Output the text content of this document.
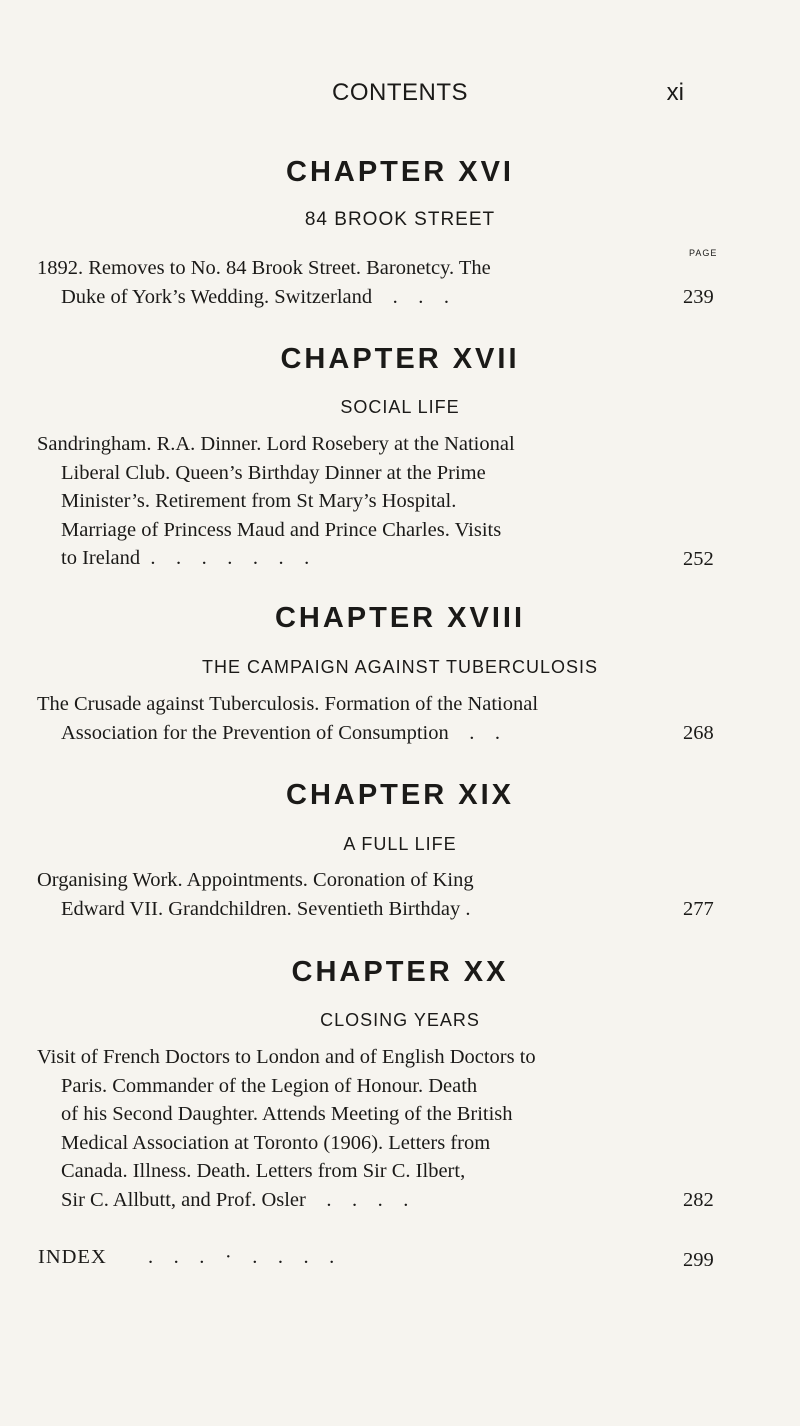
CONTENTS	xi
CHAPTER XVI
84 BROOK STREET
PAGE
1892. Removes to No. 84 Brook Street. Baronetcy. The
Duke of York’s Wedding. Switzerland    .    .    .	239
CHAPTER XVII
SOCIAL LIFE
Sandringham. R.A. Dinner. Lord Rosebery at the National
Liberal Club. Queen’s Birthday Dinner at the Prime
Minister’s. Retirement from St Mary’s Hospital.
Marriage of Princess Maud and Prince Charles. Visits
to Ireland  .    .    .    .    .    .    .	252
CHAPTER XVIII
THE CAMPAIGN AGAINST TUBERCULOSIS
The Crusade against Tuberculosis. Formation of the National
Association for the Prevention of Consumption    .    .	268
CHAPTER XIX
A FULL LIFE
Organising Work. Appointments. Coronation of King
Edward VII. Grandchildren. Seventieth Birthday .	277
CHAPTER XX
CLOSING YEARS
Visit of French Doctors to London and of English Doctors to
Paris. Commander of the Legion of Honour. Death
of his Second Daughter. Attends Meeting of the British
Medical Association at Toronto (1906). Letters from
Canada. Illness. Death. Letters from Sir C. Ilbert,
Sir C. Allbutt, and Prof. Osler    .    .    .    .	282
INDEX .    .    .    ·    .    .    .    .	299
